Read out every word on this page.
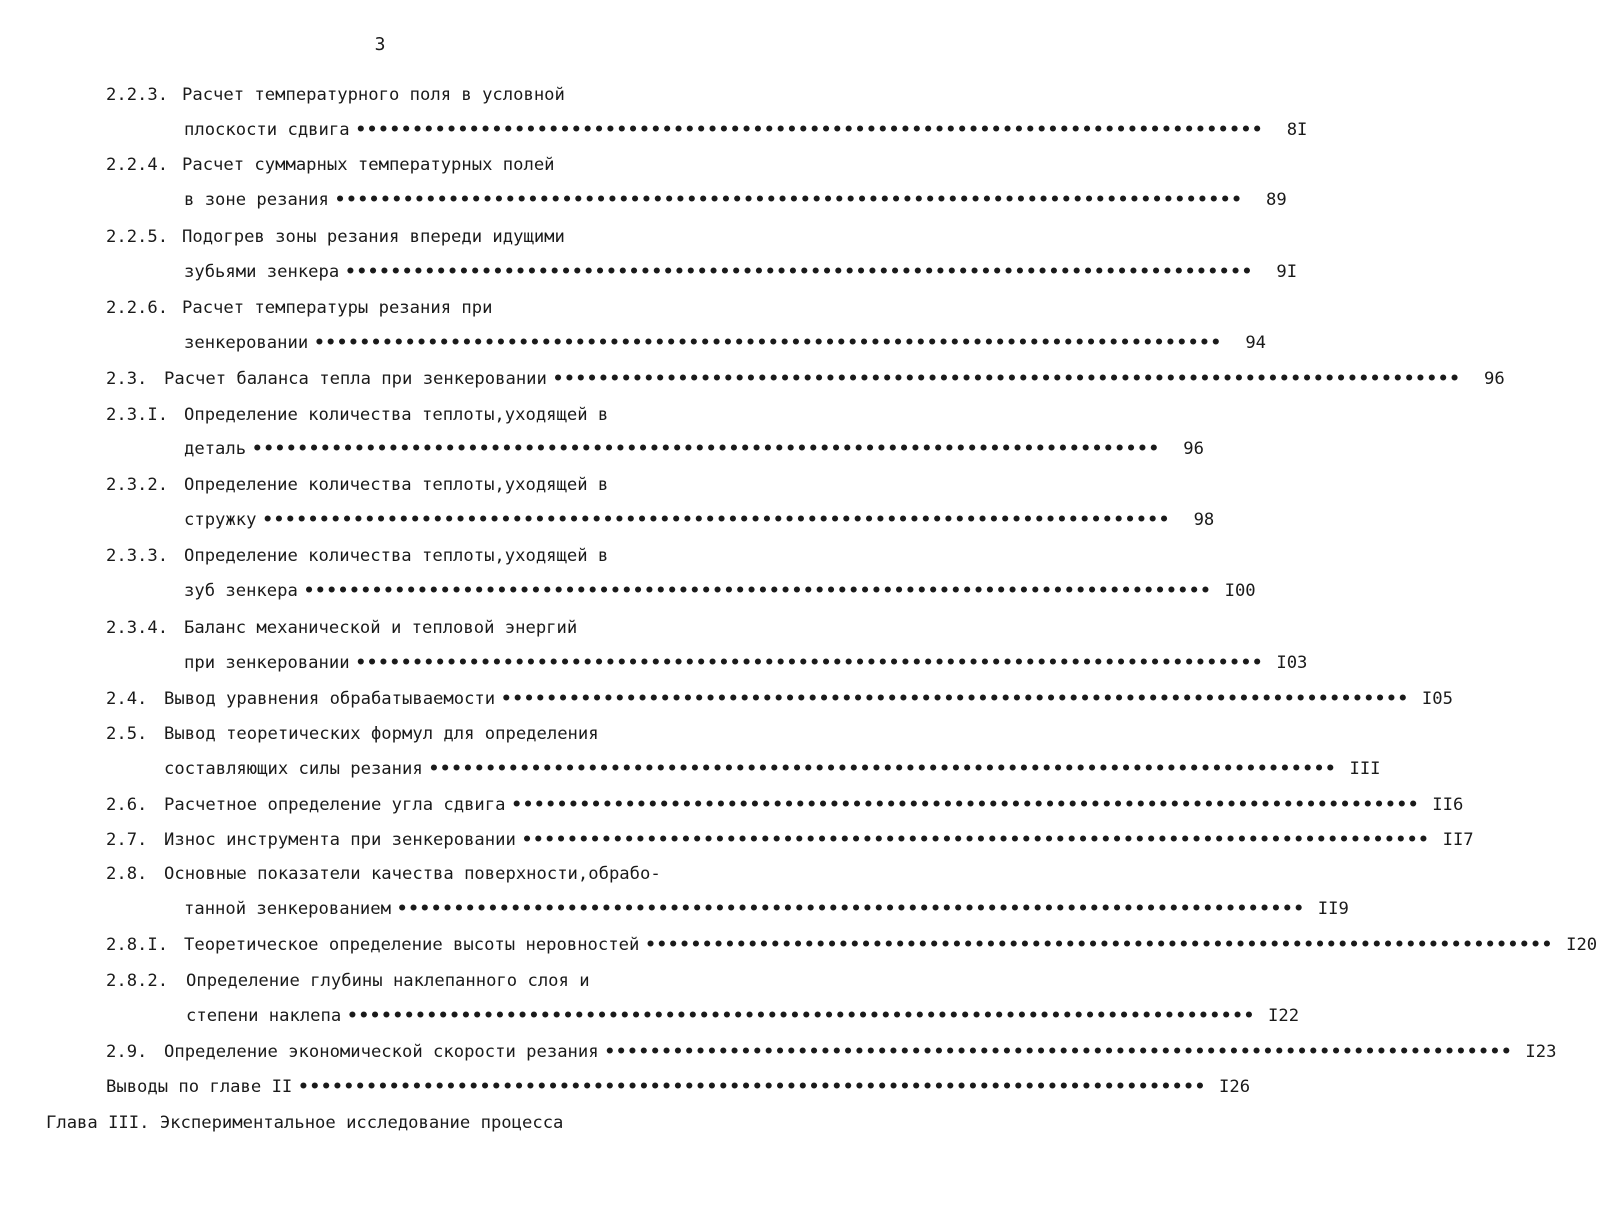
3
2.2.3. Расчет температурного поля в условной
плоскости сдвига ••••••••••••••••••••••••••••••••••••••••••••••••••••••••••••••••••••••••••••••••	8I
2.2.4. Расчет суммарных температурных полей
в зоне резания ••••••••••••••••••••••••••••••••••••••••••••••••••••••••••••••••••••••••••••••••	89
2.2.5. Подогрев зоны резания впереди идущими
зубьями зенкера ••••••••••••••••••••••••••••••••••••••••••••••••••••••••••••••••••••••••••••••••	9I
2.2.6. Расчет температуры резания при
зенкеровании ••••••••••••••••••••••••••••••••••••••••••••••••••••••••••••••••••••••••••••••••	94
2.3. Расчет баланса тепла при зенкеровании ••••••••••••••••••••••••••••••••••••••••••••••••••••••••••••••••••••••••••••••••	96
2.3.I. Определение количества теплоты,уходящей в
деталь ••••••••••••••••••••••••••••••••••••••••••••••••••••••••••••••••••••••••••••••••	96
2.3.2. Определение количества теплоты,уходящей в
стружку ••••••••••••••••••••••••••••••••••••••••••••••••••••••••••••••••••••••••••••••••	98
2.3.3. Определение количества теплоты,уходящей в
зуб зенкера •••••••••••••••••••••••••••••••••••••••••••••••••••••••••••••••••••••••••••••••• I00
2.3.4. Баланс механической и тепловой энергий
при зенкеровании •••••••••••••••••••••••••••••••••••••••••••••••••••••••••••••••••••••••••••••••• I03
2.4. Вывод уравнения обрабатываемости •••••••••••••••••••••••••••••••••••••••••••••••••••••••••••••••••••••••••••••••• I05
2.5. Вывод теоретических формул для определения
составляющих силы резания •••••••••••••••••••••••••••••••••••••••••••••••••••••••••••••••••••••••••••••••• III
2.6. Расчетное определение угла сдвига •••••••••••••••••••••••••••••••••••••••••••••••••••••••••••••••••••••••••••••••• II6
2.7. Износ инструмента при зенкеровании •••••••••••••••••••••••••••••••••••••••••••••••••••••••••••••••••••••••••••••••• II7
2.8. Основные показатели качества поверхности,обрабо-
танной зенкерованием •••••••••••••••••••••••••••••••••••••••••••••••••••••••••••••••••••••••••••••••• II9
2.8.I. Теоретическое определение высоты неровностей •••••••••••••••••••••••••••••••••••••••••••••••••••••••••••••••••••••••••••••••• I20
2.8.2.	Определение глубины наклепанного слоя и
степени наклепа •••••••••••••••••••••••••••••••••••••••••••••••••••••••••••••••••••••••••••••••• I22
2.9. Определение экономической скорости резания •••••••••••••••••••••••••••••••••••••••••••••••••••••••••••••••••••••••••••••••• I23
Выводы по главе II •••••••••••••••••••••••••••••••••••••••••••••••••••••••••••••••••••••••••••••••• I26
Глава III. Экспериментальное исследование процесса
